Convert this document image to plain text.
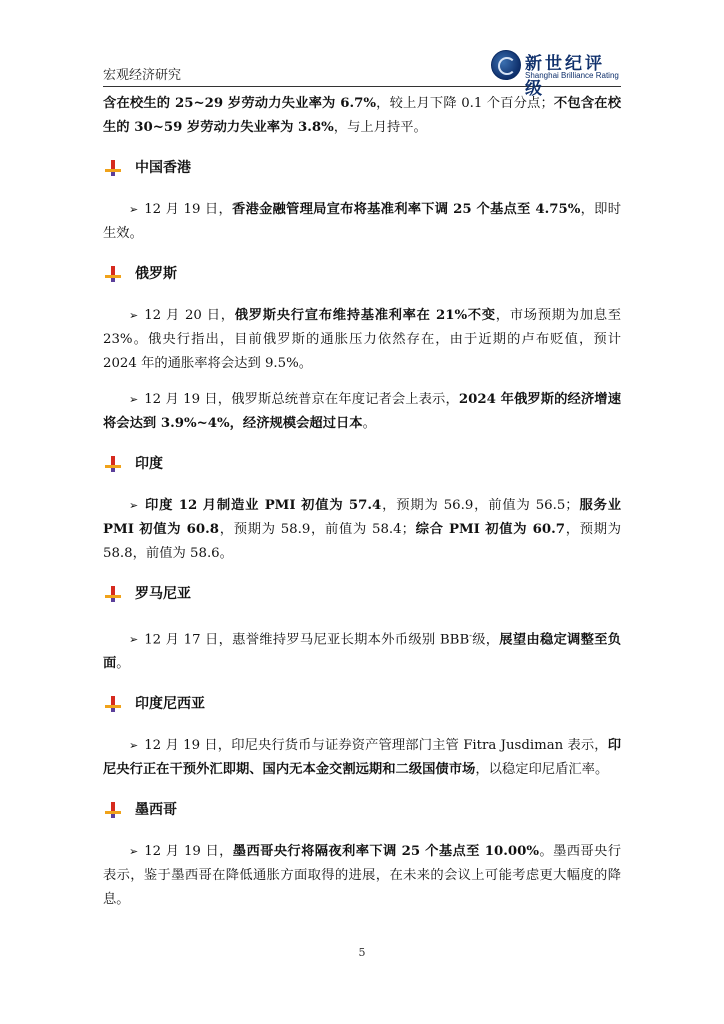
宏观经济研究
新世纪评级
Shanghai Brilliance Rating

含在校生的 25~29 岁劳动力失业率为 6.7%，较上月下降 0.1 个百分点；不包含在校生的 30~59 岁劳动力失业率为 3.8%，与上月持平。

中国香港

➢ 12 月 19 日，香港金融管理局宣布将基准利率下调 25 个基点至 4.75%，即时生效。

俄罗斯

➢ 12 月 20 日，俄罗斯央行宣布维持基准利率在 21%不变，市场预期为加息至 23%。俄央行指出，目前俄罗斯的通胀压力依然存在，由于近期的卢布贬值，预计 2024 年的通胀率将会达到 9.5%。

➢ 12 月 19 日，俄罗斯总统普京在年度记者会上表示，2024 年俄罗斯的经济增速将会达到 3.9%~4%，经济规模会超过日本。

印度

➢ 印度 12 月制造业 PMI 初值为 57.4，预期为 56.9，前值为 56.5；服务业 PMI 初值为 60.8，预期为 58.9，前值为 58.4；综合 PMI 初值为 60.7，预期为 58.8，前值为 58.6。

罗马尼亚

➢ 12 月 17 日，惠誉维持罗马尼亚长期本外币级别 BBB-级，展望由稳定调整至负面。

印度尼西亚

➢ 12 月 19 日，印尼央行货币与证券资产管理部门主管 Fitra Jusdiman 表示，印尼央行正在干预外汇即期、国内无本金交割远期和二级国债市场，以稳定印尼盾汇率。

墨西哥

➢ 12 月 19 日，墨西哥央行将隔夜利率下调 25 个基点至 10.00%。墨西哥央行表示，鉴于墨西哥在降低通胀方面取得的进展，在未来的会议上可能考虑更大幅度的降息。

5
